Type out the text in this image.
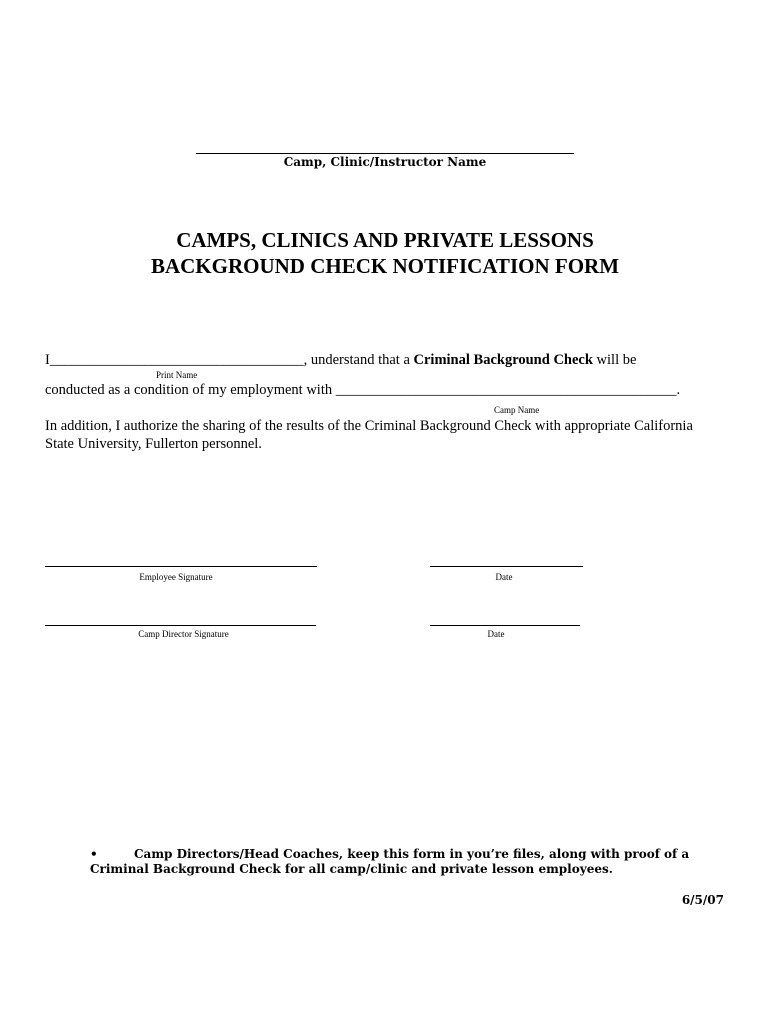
Camp, Clinic/Instructor Name
CAMPS, CLINICS AND PRIVATE LESSONS
BACKGROUND CHECK NOTIFICATION FORM
I___________________________________, understand that a Criminal Background Check will be
Print Name
conducted as a condition of my employment with _______________________________________________.
Camp Name
In addition, I authorize the sharing of the results of the Criminal Background Check with appropriate California
State University, Fullerton personnel.
Employee Signature	Date
Camp Director Signature	Date
•	Camp Directors/Head Coaches, keep this form in you’re files, along with proof of a
Criminal Background Check for all camp/clinic and private lesson employees.
6/5/07
